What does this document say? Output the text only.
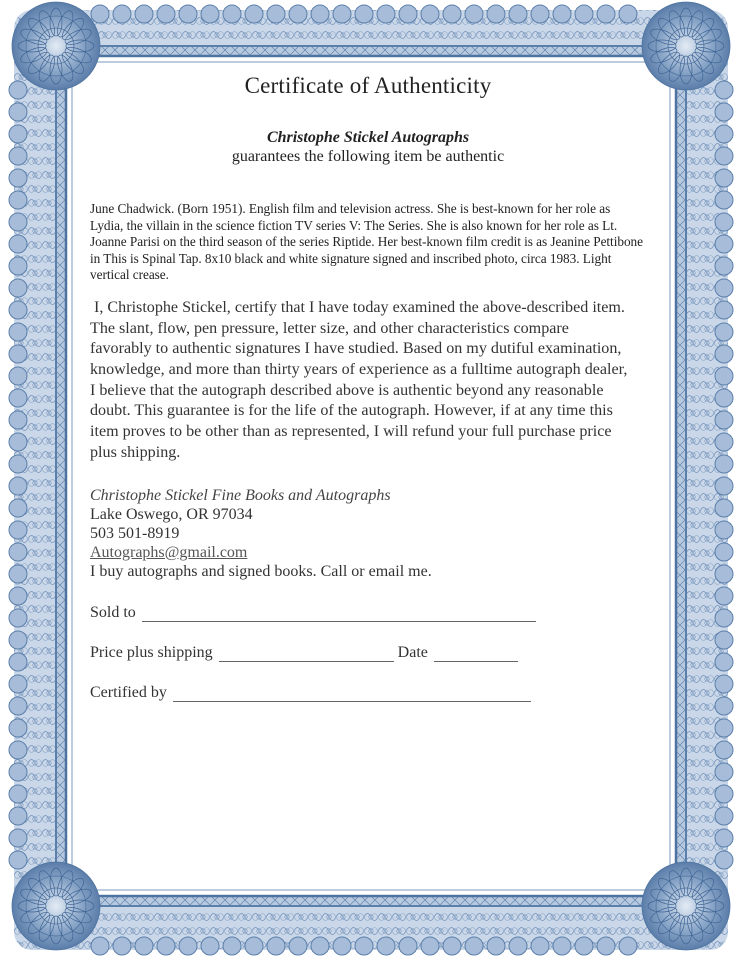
Certificate of Authenticity
Christophe Stickel Autographs
guarantees the following item be authentic
June Chadwick. (Born 1951). English film and television actress. She is best-known for her role as Lydia, the villain in the science fiction TV series V: The Series. She is also known for her role as Lt. Joanne Parisi on the third season of the series Riptide. Her best-known film credit is as Jeanine Pettibone in This is Spinal Tap. 8x10 black and white signature signed and inscribed photo, circa 1983. Light vertical crease.
I, Christophe Stickel, certify that I have today examined the above-described item. The slant, flow, pen pressure, letter size, and other characteristics compare favorably to authentic signatures I have studied. Based on my dutiful examination, knowledge, and more than thirty years of experience as a fulltime autograph dealer, I believe that the autograph described above is authentic beyond any reasonable doubt. This guarantee is for the life of the autograph. However, if at any time this item proves to be other than as represented, I will refund your full purchase price plus shipping.
Christophe Stickel Fine Books and Autographs
Lake Oswego, OR 97034
503 501-8919
Autographs@gmail.com
I buy autographs and signed books. Call or email me.
Sold to
Price plus shipping	Date
Certified by
